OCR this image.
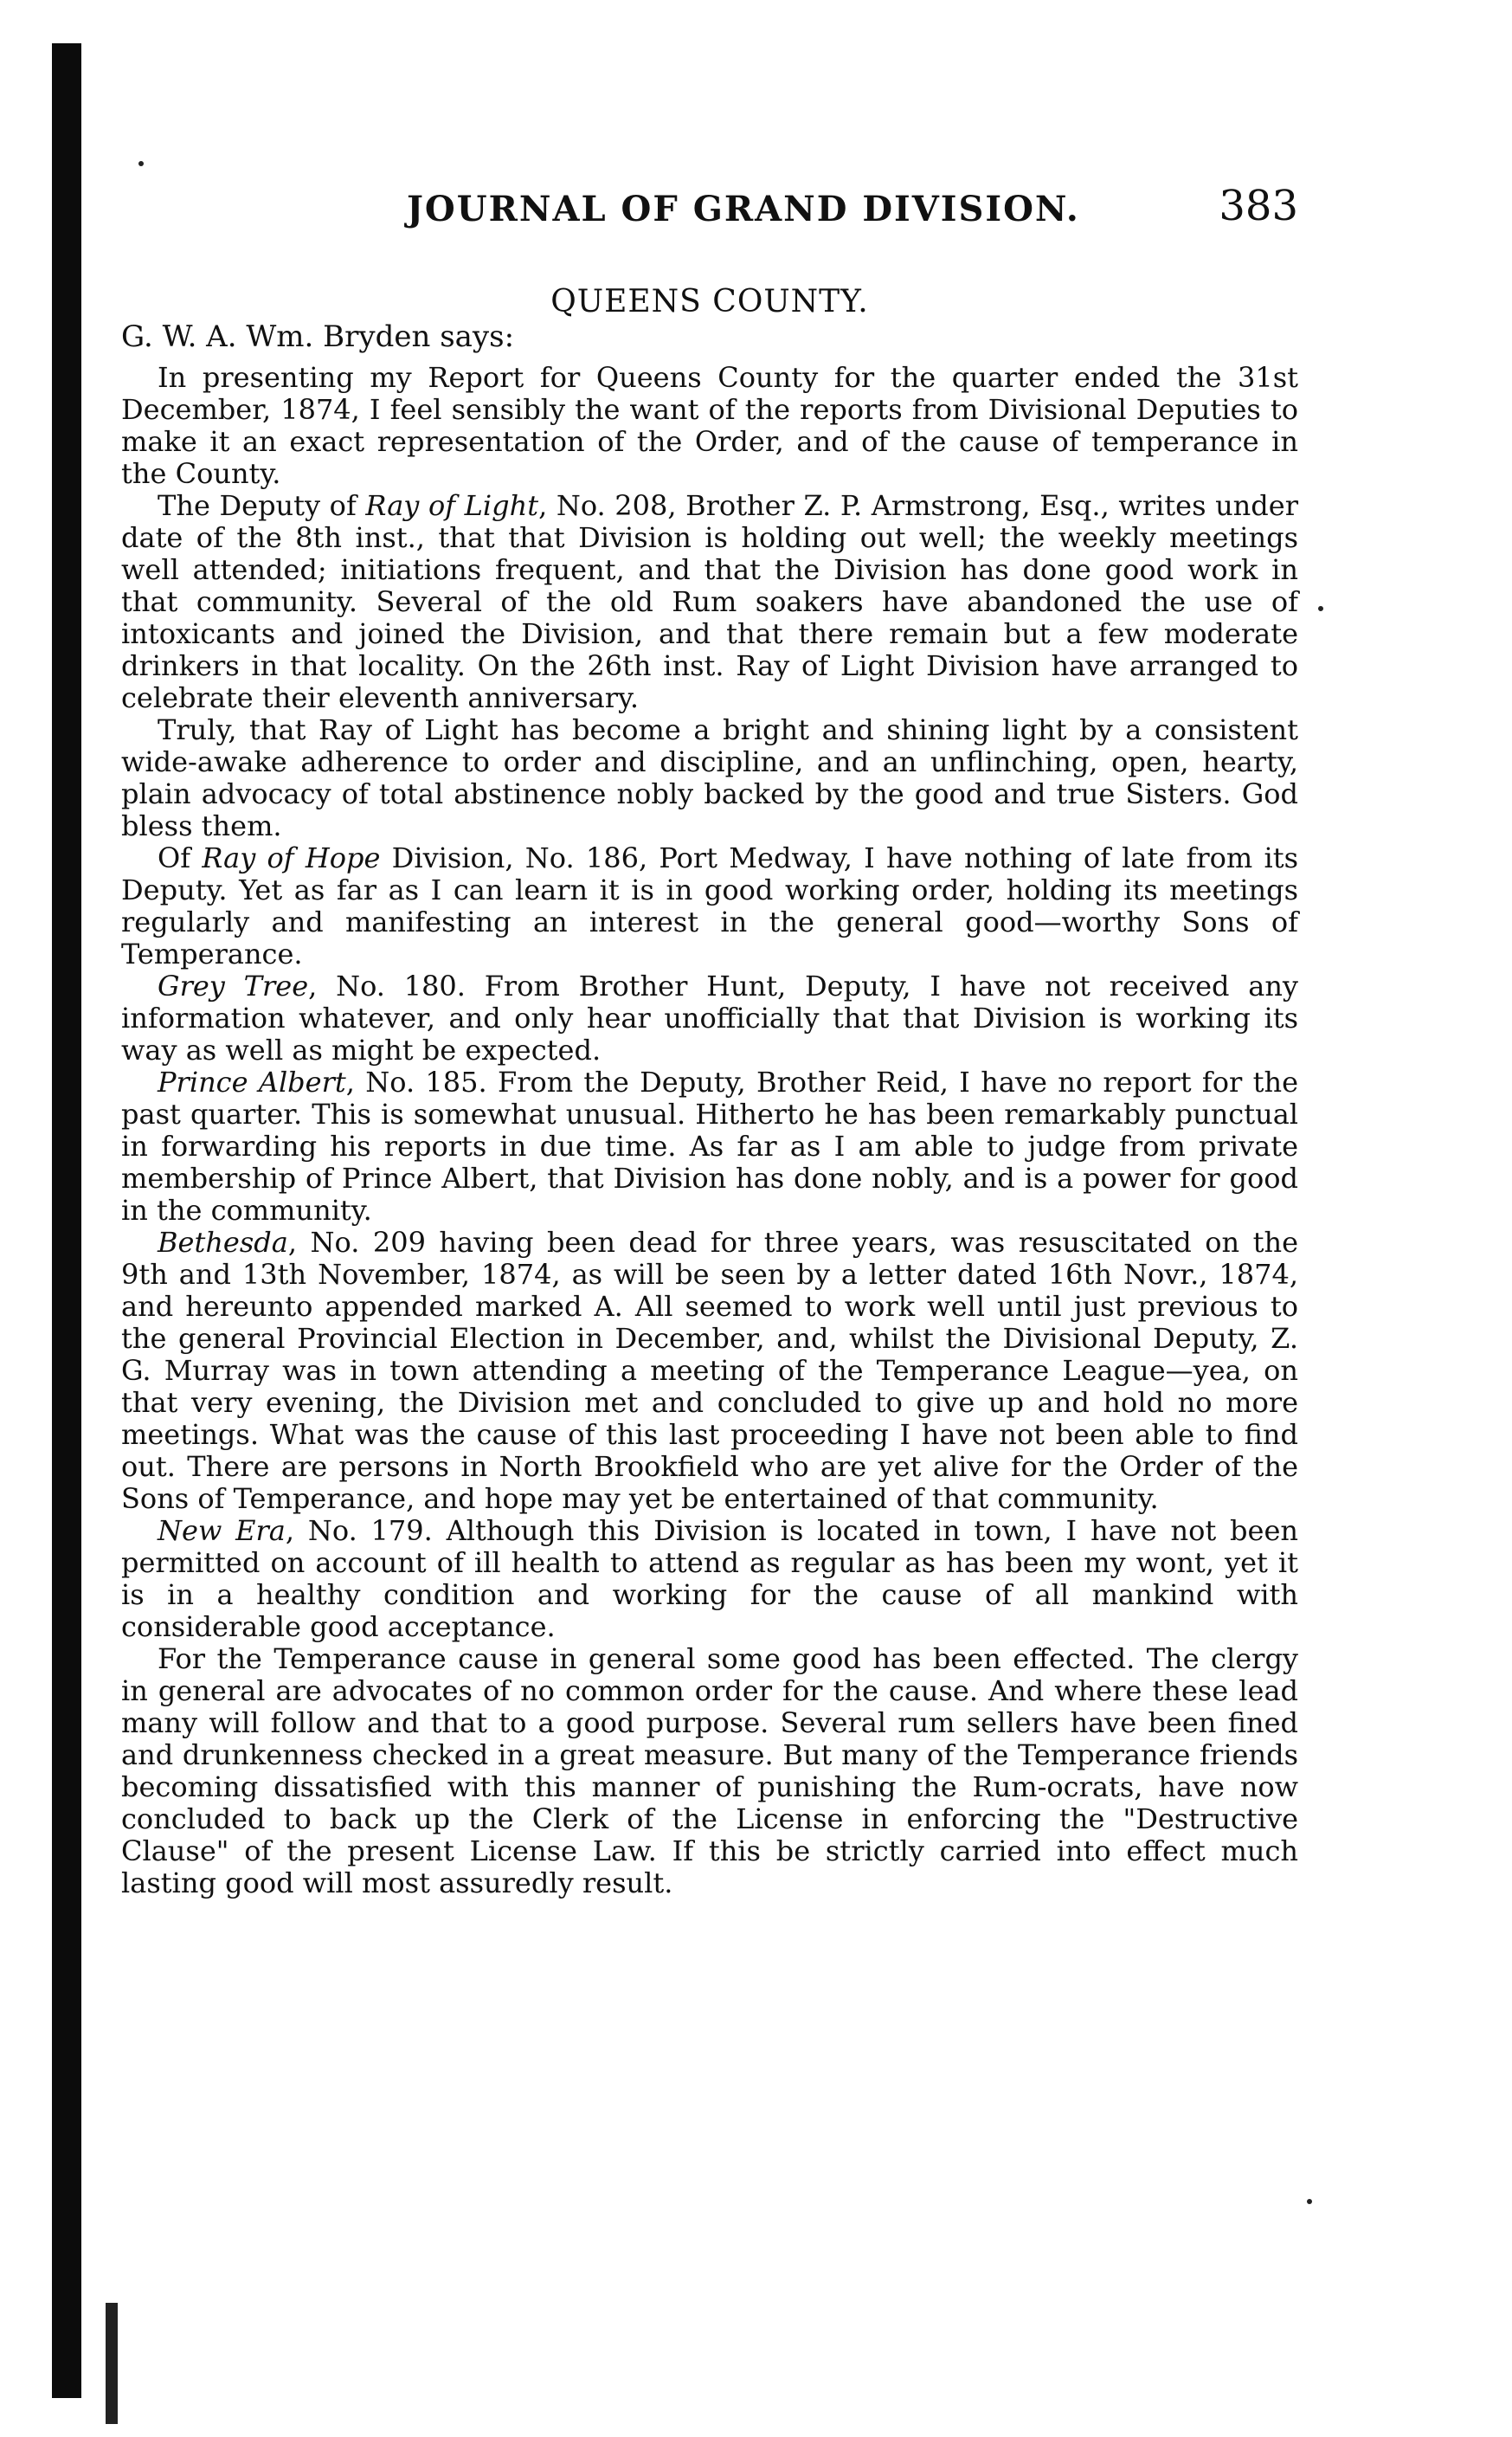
JOURNAL OF GRAND DIVISION.	383
QUEENS COUNTY.

G. W. A. Wm. Bryden says:

In presenting my Report for Queens County for the quarter ended the 31st December, 1874, I feel sensibly the want of the reports from Divisional Deputies to make it an exact representation of the Order, and of the cause of temperance in the County.

The Deputy of Ray of Light, No. 208, Brother Z. P. Armstrong, Esq., writes under date of the 8th inst., that that Division is holding out well; the weekly meetings well attended; initiations frequent, and that the Division has done good work in that community. Several of the old Rum soakers have abandoned the use of intoxicants and joined the Division, and that there remain but a few moderate drinkers in that locality. On the 26th inst. Ray of Light Division have arranged to celebrate their eleventh anniversary.

Truly, that Ray of Light has become a bright and shining light by a consistent wide-awake adherence to order and discipline, and an unflinching, open, hearty, plain advocacy of total abstinence nobly backed by the good and true Sisters. God bless them.

Of Ray of Hope Division, No. 186, Port Medway, I have nothing of late from its Deputy. Yet as far as I can learn it is in good working order, holding its meetings regularly and manifesting an interest in the general good—worthy Sons of Temperance.

Grey Tree, No. 180. From Brother Hunt, Deputy, I have not received any information whatever, and only hear unofficially that that Division is working its way as well as might be expected.

Prince Albert, No. 185. From the Deputy, Brother Reid, I have no report for the past quarter. This is somewhat unusual. Hitherto he has been remarkably punctual in forwarding his reports in due time. As far as I am able to judge from private membership of Prince Albert, that Division has done nobly, and is a power for good in the community.

Bethesda, No. 209 having been dead for three years, was resuscitated on the 9th and 13th November, 1874, as will be seen by a letter dated 16th Novr., 1874, and hereunto appended marked A. All seemed to work well until just previous to the general Provincial Election in December, and, whilst the Divisional Deputy, Z. G. Murray was in town attending a meeting of the Temperance League—yea, on that very evening, the Division met and concluded to give up and hold no more meetings. What was the cause of this last proceeding I have not been able to find out. There are persons in North Brookfield who are yet alive for the Order of the Sons of Temperance, and hope may yet be entertained of that community.

New Era, No. 179. Although this Division is located in town, I have not been permitted on account of ill health to attend as regular as has been my wont, yet it is in a healthy condition and working for the cause of all mankind with considerable good acceptance.

For the Temperance cause in general some good has been effected. The clergy in general are advocates of no common order for the cause. And where these lead many will follow and that to a good purpose. Several rum sellers have been fined and drunkenness checked in a great measure. But many of the Temperance friends becoming dissatisfied with this manner of punishing the Rum-ocrats, have now concluded to back up the Clerk of the License in enforcing the "Destructive Clause" of the present License Law. If this be strictly carried into effect much lasting good will most assuredly result.
